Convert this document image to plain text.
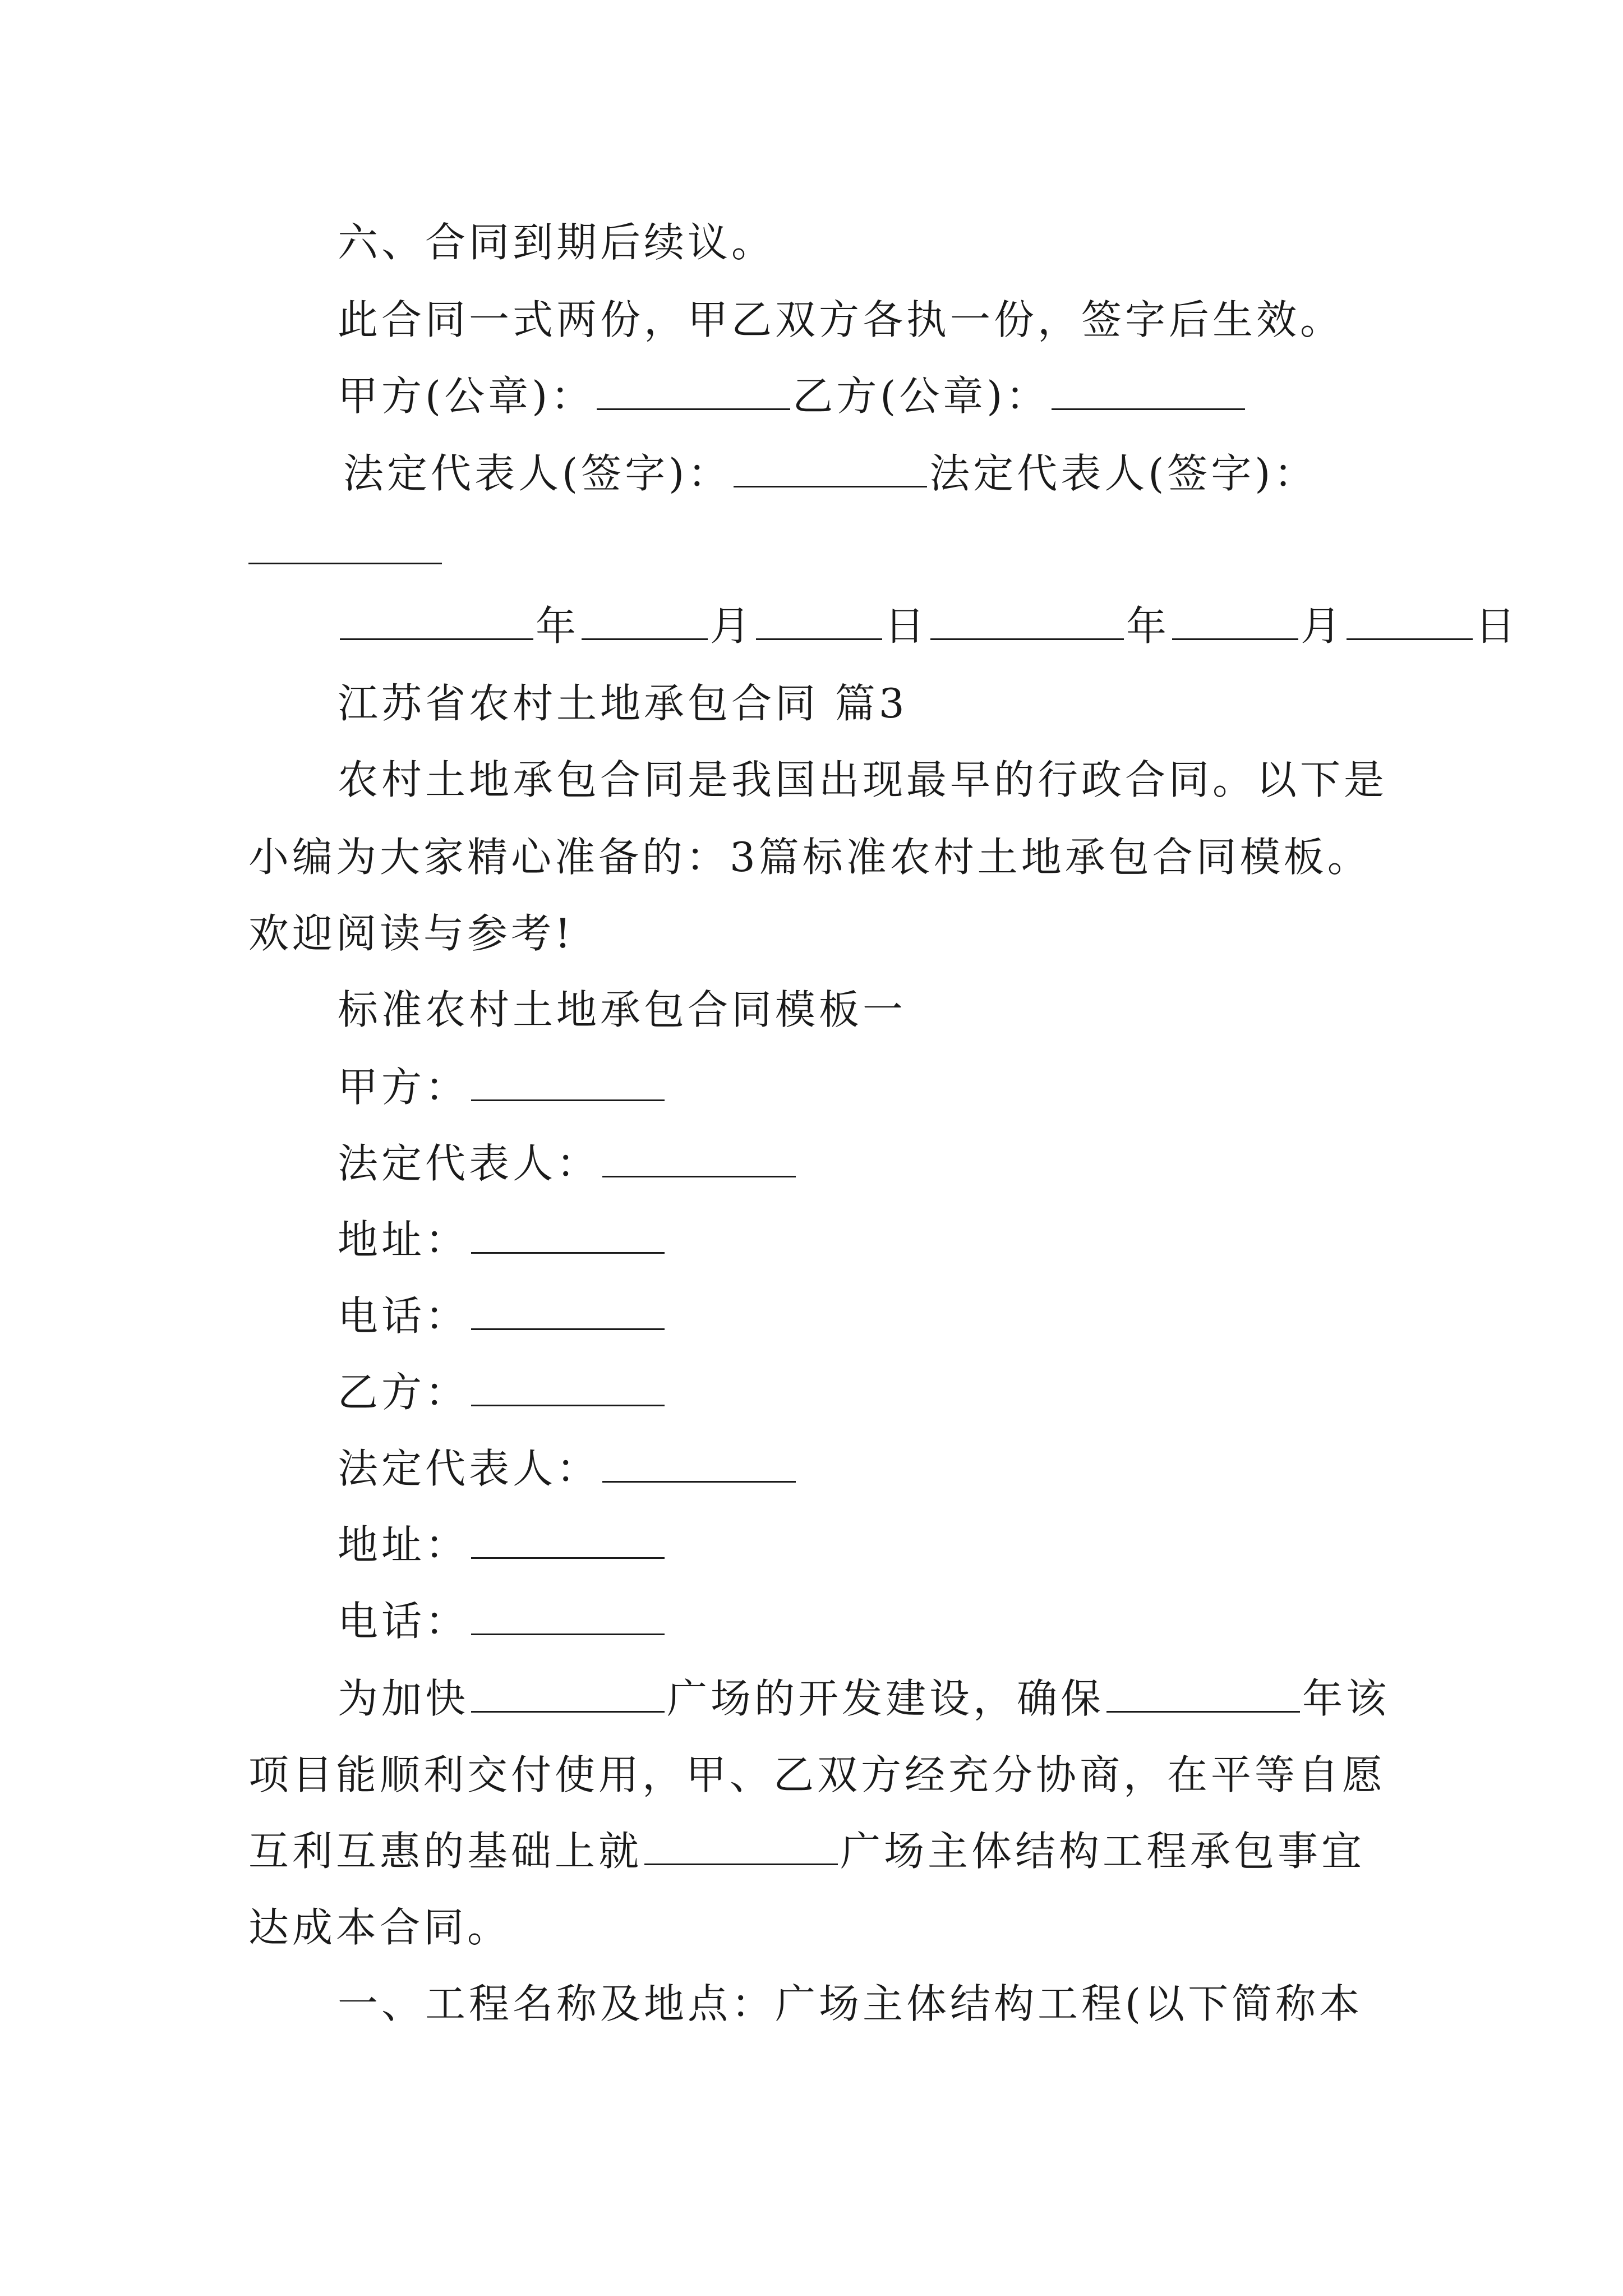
六、合同到期后续议。
此合同一式两份，甲乙双方各执一份，签字后生效。
甲方(公章)：	乙方(公章)：
法定代表人(签字)：	法定代表人(签字)：
年	月	日	年	月	日
江苏省农村土地承包合同 篇3
农村土地承包合同是我国出现最早的行政合同。以下是
小编为大家精心准备的：3篇标准农村土地承包合同模板。
欢迎阅读与参考!
标准农村土地承包合同模板一
甲方：
法定代表人：
地址：
电话：
乙方：
法定代表人：
地址：
电话：
为加快	广场的开发建设，确保	年该
项目能顺利交付使用，甲、乙双方经充分协商，在平等自愿
互利互惠的基础上就	广场主体结构工程承包事宜
达成本合同。
一、工程名称及地点：广场主体结构工程(以下简称本
